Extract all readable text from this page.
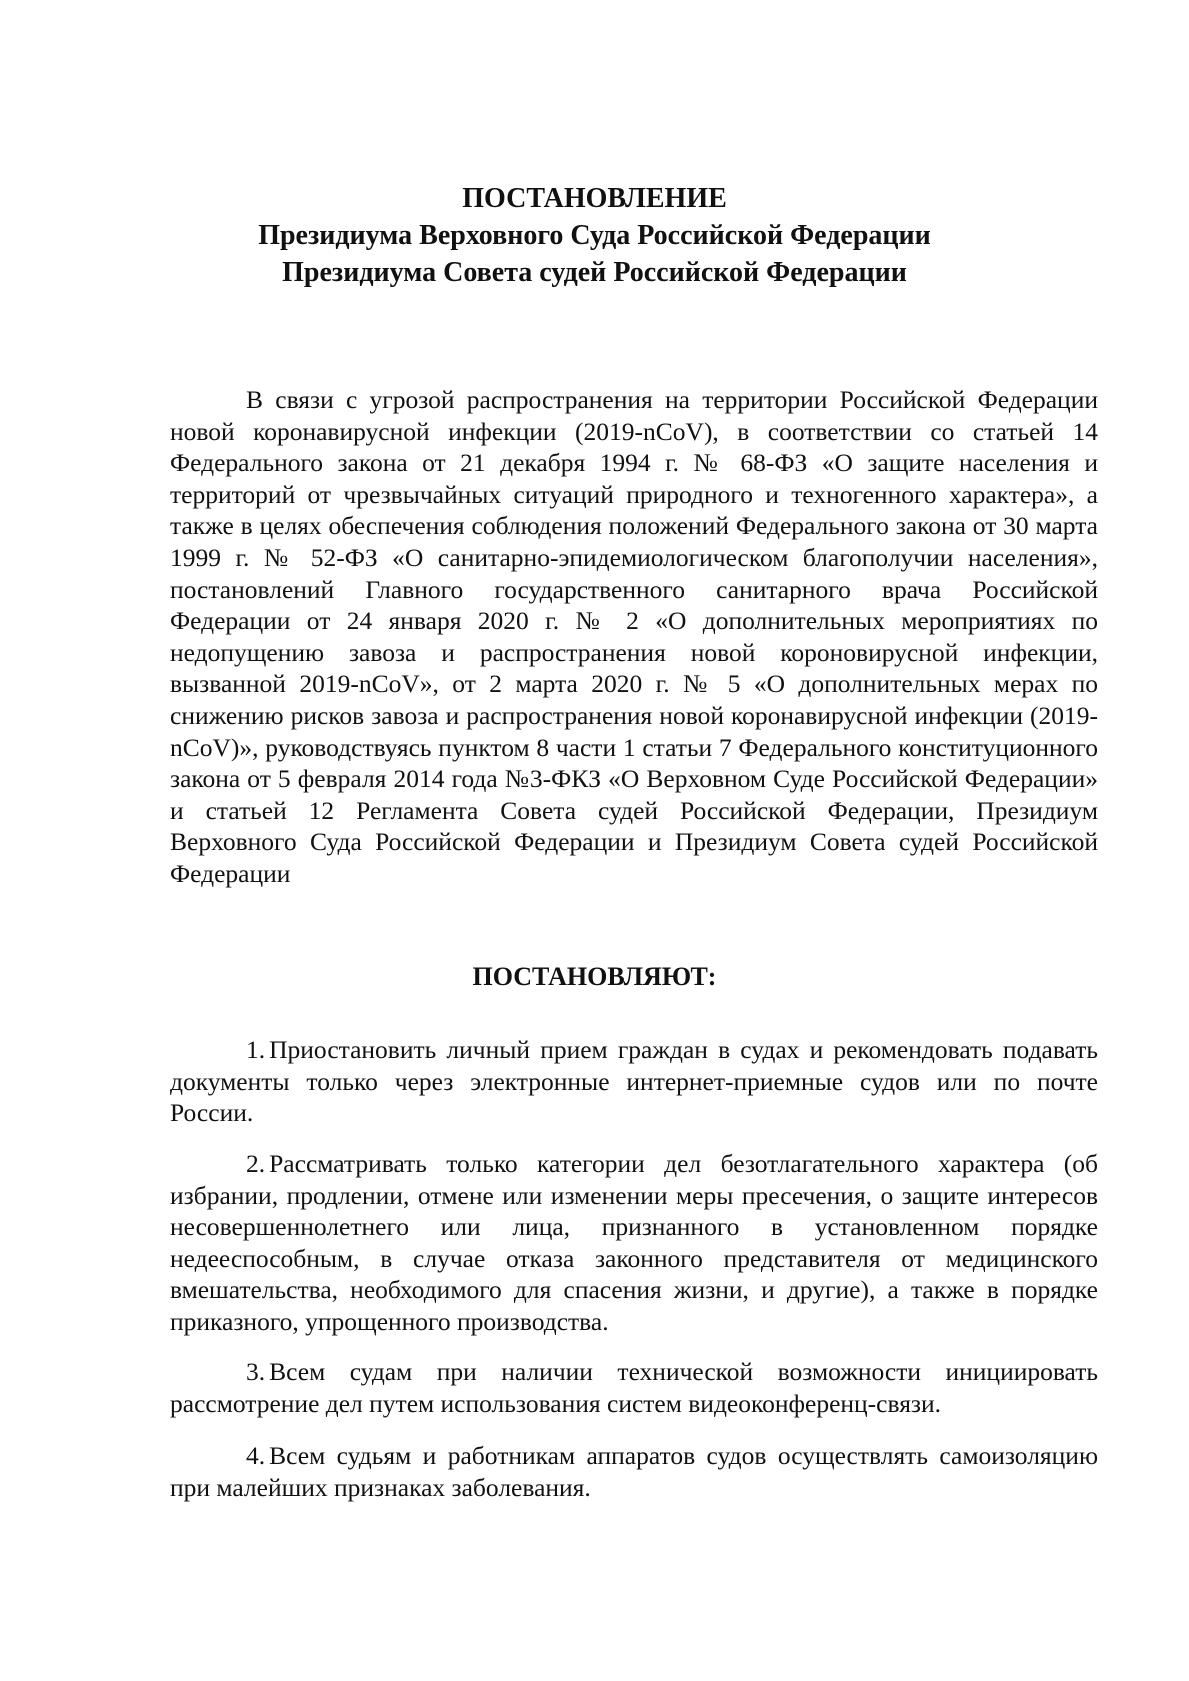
ПОСТАНОВЛЕНИЕ
Президиума Верховного Суда Российской Федерации
Президиума Совета судей Российской Федерации

В связи с угрозой распространения на территории Российской Федерации новой коронавирусной инфекции (2019-nCoV), в соответствии со статьей 14 Федерального закона от 21 декабря 1994 г. № 68-ФЗ «О защите населения и территорий от чрезвычайных ситуаций природного и техногенного характера», а также в целях обеспечения соблюдения положений Федерального закона от 30 марта 1999 г. № 52-ФЗ «О санитарно-эпидемиологическом благополучии населения», постановлений Главного государственного санитарного врача Российской Федерации от 24 января 2020 г. № 2 «О дополнительных мероприятиях по недопущению завоза и распространения новой короновирусной инфекции, вызванной 2019-nCoV», от 2 марта 2020 г. № 5 «О дополнительных мерах по снижению рисков завоза и распространения новой коронавирусной инфекции (2019-nCoV)», руководствуясь пунктом 8 части 1 статьи 7 Федерального конституционного закона от 5 февраля 2014 года №3-ФКЗ «О Верховном Суде Российской Федерации» и статьей 12 Регламента Совета судей Российской Федерации, Президиум Верховного Суда Российской Федерации и Президиум Совета судей Российской Федерации

ПОСТАНОВЛЯЮТ:

1. Приостановить личный прием граждан в судах и рекомендовать подавать документы только через электронные интернет-приемные судов или по почте России.

2. Рассматривать только категории дел безотлагательного характера (об избрании, продлении, отмене или изменении меры пресечения, о защите интересов несовершеннолетнего или лица, признанного в установленном порядке недееспособным, в случае отказа законного представителя от медицинского вмешательства, необходимого для спасения жизни, и другие), а также в порядке приказного, упрощенного производства.

3. Всем судам при наличии технической возможности инициировать рассмотрение дел путем использования систем видеоконференц-связи.

4. Всем судьям и работникам аппаратов судов осуществлять самоизоляцию при малейших признаках заболевания.
